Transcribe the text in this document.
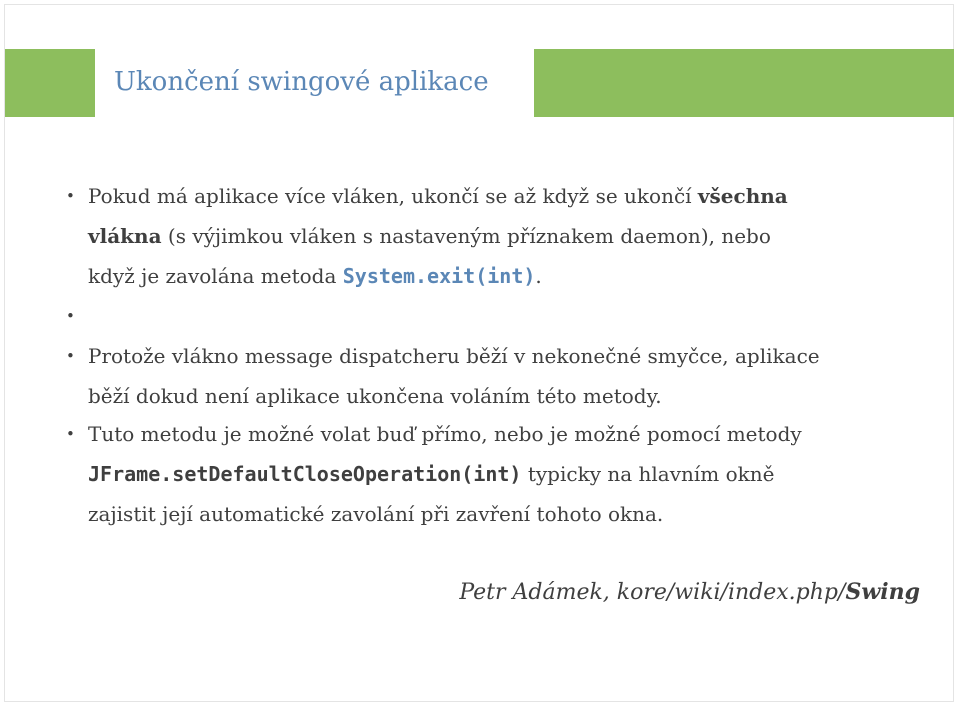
Ukončení swingové aplikace
• Pokud má aplikace více vláken, ukončí se až když se ukončí všechna
vlákna (s výjimkou vláken s nastaveným příznakem daemon), nebo
když je zavolána metoda System.exit(int).
•
• Protože vlákno message dispatcheru běží v nekonečné smyčce, aplikace
běží dokud není aplikace ukončena voláním této metody.
• Tuto metodu je možné volat buď přímo, nebo je možné pomocí metody
JFrame.setDefaultCloseOperation(int) typicky na hlavním okně
zajistit její automatické zavolání při zavření tohoto okna.
Petr Adámek, kore/wiki/index.php/Swing
